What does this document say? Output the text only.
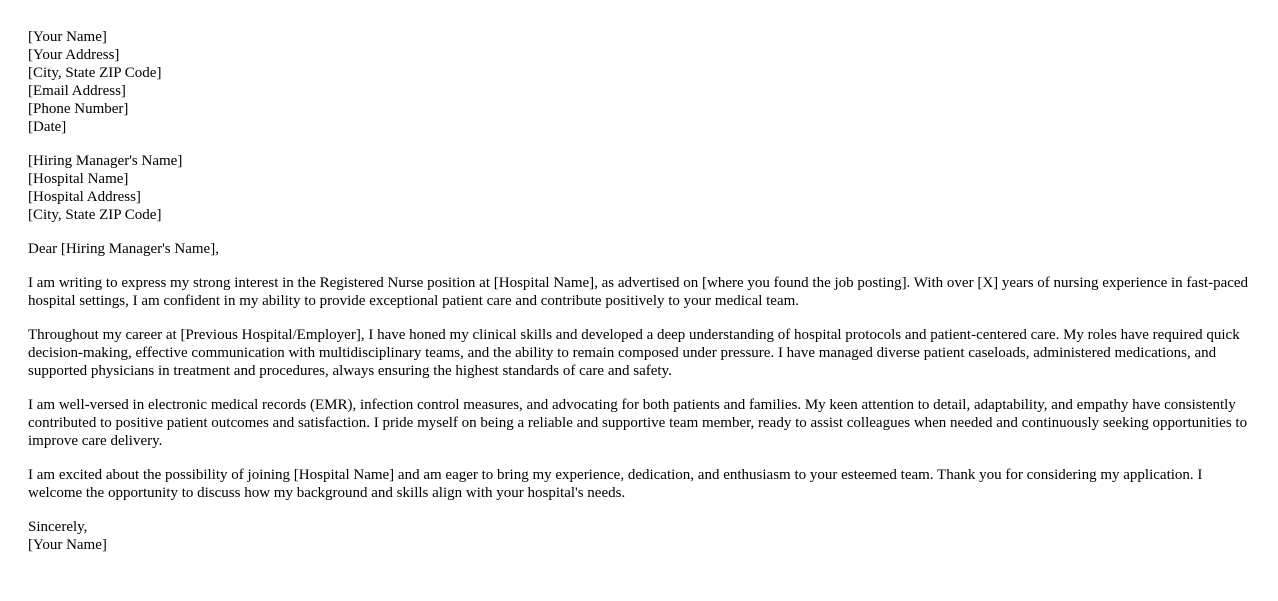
[Your Name]
[Your Address]
[City, State ZIP Code]
[Email Address]
[Phone Number]
[Date]
[Hiring Manager's Name]
[Hospital Name]
[Hospital Address]
[City, State ZIP Code]

Dear [Hiring Manager's Name],

I am writing to express my strong interest in the Registered Nurse position at [Hospital Name], as advertised on [where you found the job posting]. With over [X] years of nursing experience in fast-paced hospital settings, I am confident in my ability to provide exceptional patient care and contribute positively to your medical team.

Throughout my career at [Previous Hospital/Employer], I have honed my clinical skills and developed a deep understanding of hospital protocols and patient-centered care. My roles have required quick decision-making, effective communication with multidisciplinary teams, and the ability to remain composed under pressure. I have managed diverse patient caseloads, administered medications, and supported physicians in treatment and procedures, always ensuring the highest standards of care and safety.

I am well-versed in electronic medical records (EMR), infection control measures, and advocating for both patients and families. My keen attention to detail, adaptability, and empathy have consistently contributed to positive patient outcomes and satisfaction. I pride myself on being a reliable and supportive team member, ready to assist colleagues when needed and continuously seeking opportunities to improve care delivery.

I am excited about the possibility of joining [Hospital Name] and am eager to bring my experience, dedication, and enthusiasm to your esteemed team. Thank you for considering my application. I welcome the opportunity to discuss how my background and skills align with your hospital's needs.

Sincerely,
[Your Name]
